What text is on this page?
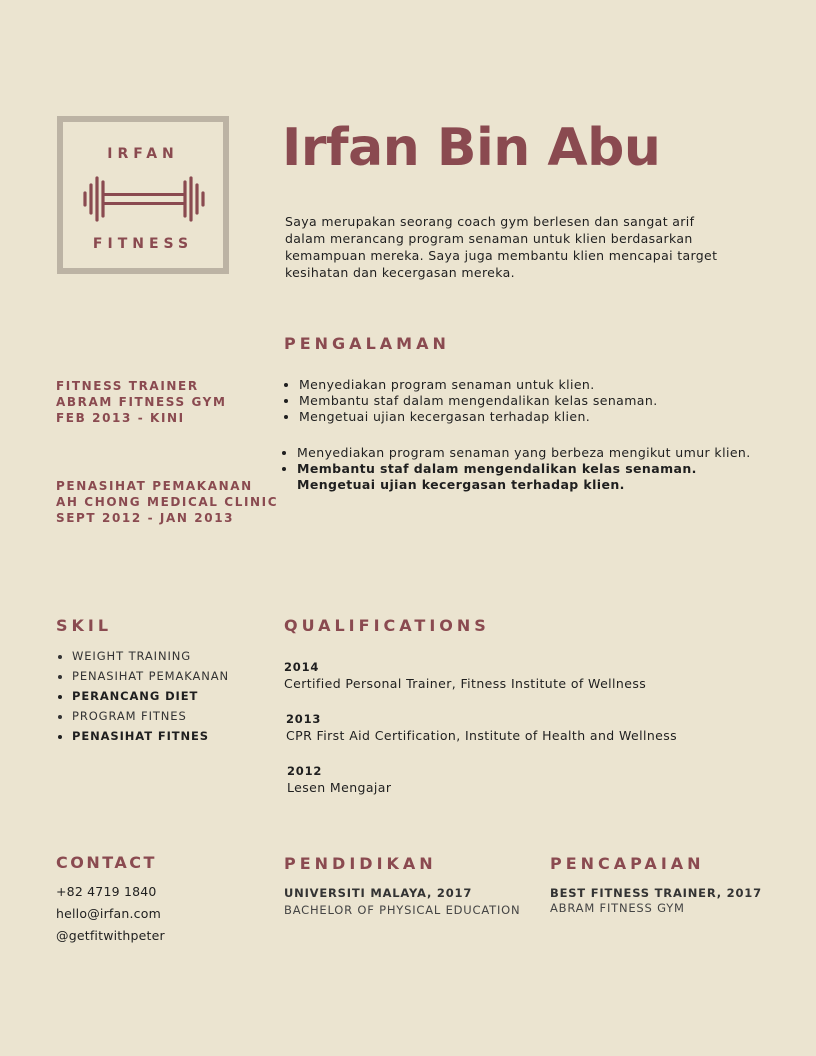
IRFAN
FITNESS
Irfan Bin Abu
Saya merupakan seorang coach gym berlesen dan sangat arif dalam merancang program senaman untuk klien berdasarkan kemampuan mereka. Saya juga membantu klien mencapai target kesihatan dan kecergasan mereka.
PENGALAMAN
FITNESS TRAINER
ABRAM FITNESS GYM
FEB 2013 - KINI
• Menyediakan program senaman untuk klien.
• Membantu staf dalam mengendalikan kelas senaman.
• Mengetuai ujian kecergasan terhadap klien.
PENASIHAT PEMAKANAN
AH CHONG MEDICAL CLINIC
SEPT 2012 - JAN 2013
• Menyediakan program senaman yang berbeza mengikut umur klien.
• Membantu staf dalam mengendalikan kelas senaman.
Mengetuai ujian kecergasan terhadap klien.
SKIL
• WEIGHT TRAINING
• PENASIHAT PEMAKANAN
• PERANCANG DIET
• PROGRAM FITNES
• PENASIHAT FITNES
QUALIFICATIONS
2014
Certified Personal Trainer, Fitness Institute of Wellness
2013
CPR First Aid Certification, Institute of Health and Wellness
2012
Lesen Mengajar
CONTACT
+82 4719 1840
hello@irfan.com
@getfitwithpeter
PENDIDIKAN
UNIVERSITI MALAYA, 2017
BACHELOR OF PHYSICAL EDUCATION
PENCAPAIAN
BEST FITNESS TRAINER, 2017
ABRAM FITNESS GYM
